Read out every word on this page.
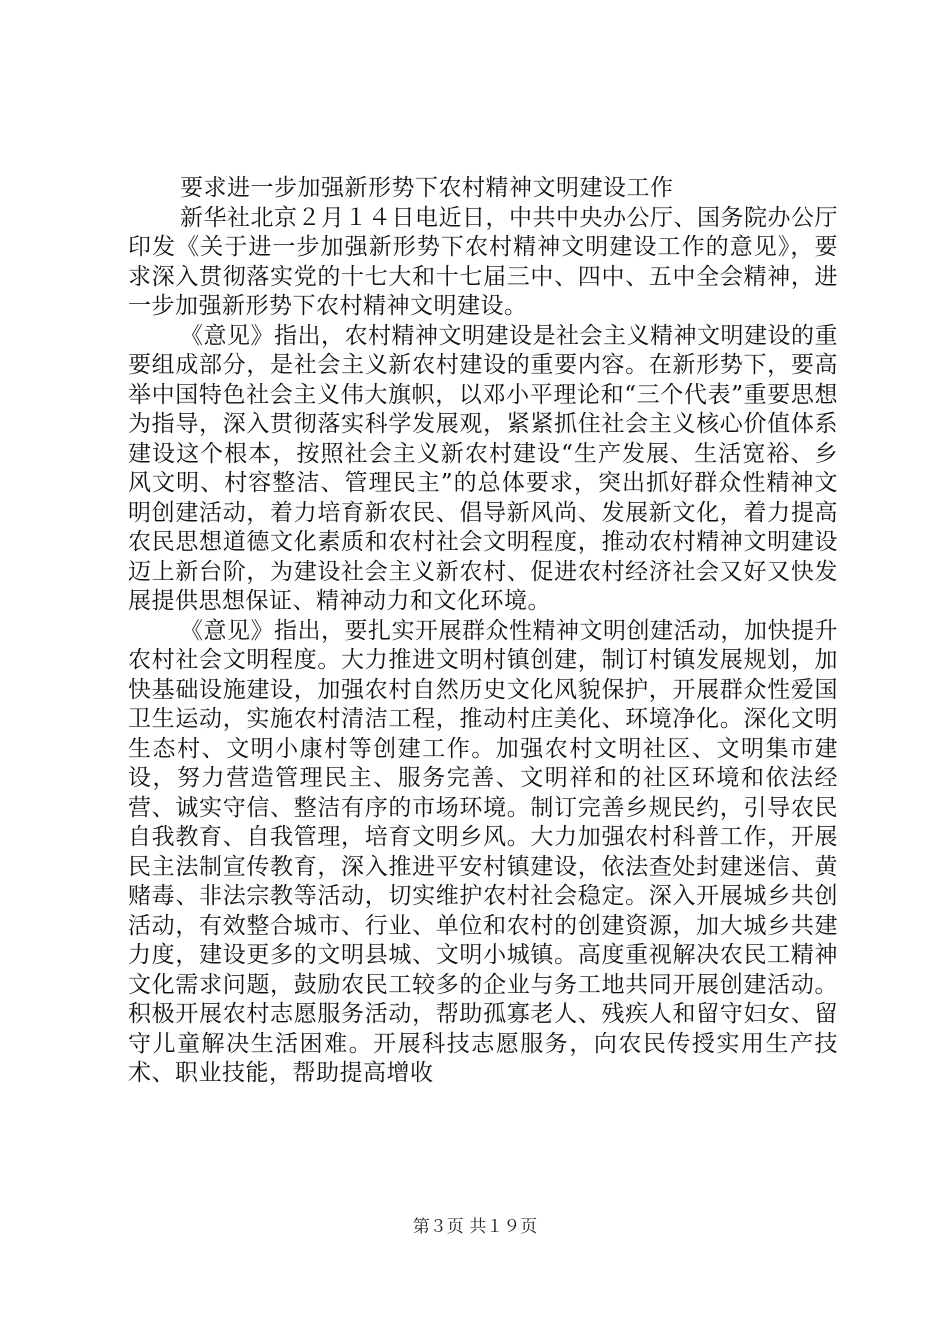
要求进一步加强新形势下农村精神文明建设工作

新华社北京２月１４日电近日，中共中央办公厅、国务院办公厅印发《关于进一步加强新形势下农村精神文明建设工作的意见》，要求深入贯彻落实党的十七大和十七届三中、四中、五中全会精神，进一步加强新形势下农村精神文明建设。

《意见》指出，农村精神文明建设是社会主义精神文明建设的重要组成部分，是社会主义新农村建设的重要内容。在新形势下，要高举中国特色社会主义伟大旗帜，以邓小平理论和“三个代表”重要思想为指导，深入贯彻落实科学发展观，紧紧抓住社会主义核心价值体系建设这个根本，按照社会主义新农村建设“生产发展、生活宽裕、乡风文明、村容整洁、管理民主”的总体要求，突出抓好群众性精神文明创建活动，着力培育新农民、倡导新风尚、发展新文化，着力提高农民思想道德文化素质和农村社会文明程度，推动农村精神文明建设迈上新台阶，为建设社会主义新农村、促进农村经济社会又好又快发展提供思想保证、精神动力和文化环境。

《意见》指出，要扎实开展群众性精神文明创建活动，加快提升农村社会文明程度。大力推进文明村镇创建，制订村镇发展规划，加快基础设施建设，加强农村自然历史文化风貌保护，开展群众性爱国卫生运动，实施农村清洁工程，推动村庄美化、环境净化。深化文明生态村、文明小康村等创建工作。加强农村文明社区、文明集市建设，努力营造管理民主、服务完善、文明祥和的社区环境和依法经营、诚实守信、整洁有序的市场环境。制订完善乡规民约，引导农民自我教育、自我管理，培育文明乡风。大力加强农村科普工作，开展民主法制宣传教育，深入推进平安村镇建设，依法查处封建迷信、黄赌毒、非法宗教等活动，切实维护农村社会稳定。深入开展城乡共创活动，有效整合城市、行业、单位和农村的创建资源，加大城乡共建力度，建设更多的文明县城、文明小城镇。高度重视解决农民工精神文化需求问题，鼓励农民工较多的企业与务工地共同开展创建活动。积极开展农村志愿服务活动，帮助孤寡老人、残疾人和留守妇女、留守儿童解决生活困难。开展科技志愿服务，向农民传授实用生产技术、职业技能，帮助提高增收

第３页 共１９页
